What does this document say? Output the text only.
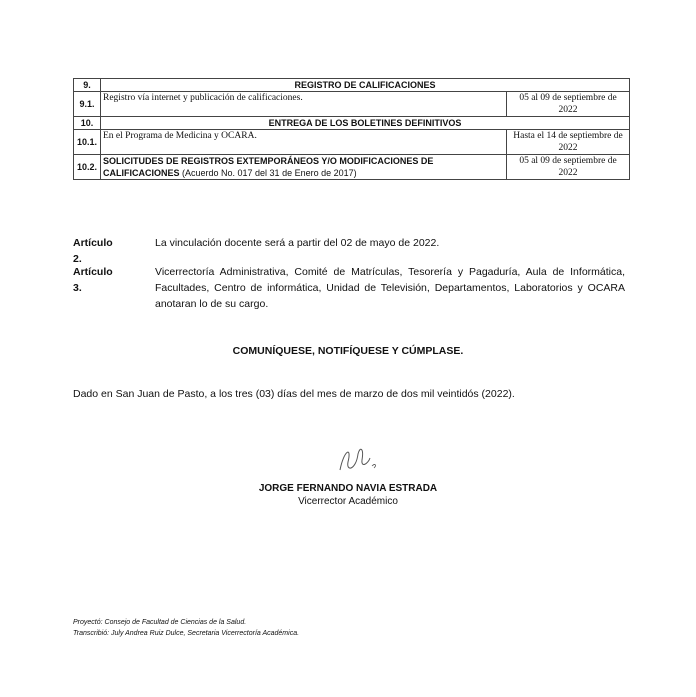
9.	REGISTRO DE CALIFICACIONES	
9.1.	Registro vía internet y publicación de calificaciones.	05 al 09 de septiembre de 2022
10.	ENTREGA DE LOS BOLETINES DEFINITIVOS	
10.1.	En el Programa de Medicina y OCARA.	Hasta el 14 de septiembre de 2022
10.2.	SOLICITUDES DE REGISTROS EXTEMPORÁNEOS Y/O MODIFICACIONES DE CALIFICACIONES (Acuerdo No. 017 del 31 de Enero de 2017)	05 al 09 de septiembre de 2022
Artículo 2.
La vinculación docente será a partir del 02 de mayo de 2022.
Artículo 3.
Vicerrectoría Administrativa, Comité de Matrículas, Tesorería y Pagaduría, Aula de Informática, Facultades, Centro de informática, Unidad de Televisión, Departamentos, Laboratorios y OCARA anotaran lo de su cargo.
COMUNÍQUESE, NOTIFÍQUESE Y CÚMPLASE.
Dado en San Juan de Pasto, a los tres (03) días del mes de marzo de dos mil veintidós (2022).
JORGE FERNANDO NAVIA ESTRADA
Vicerrector Académico
Proyectó: Consejo de Facultad de Ciencias de la Salud.
Transcribió: July Andrea Ruiz Dulce, Secretaria Vicerrectoría Académica.
